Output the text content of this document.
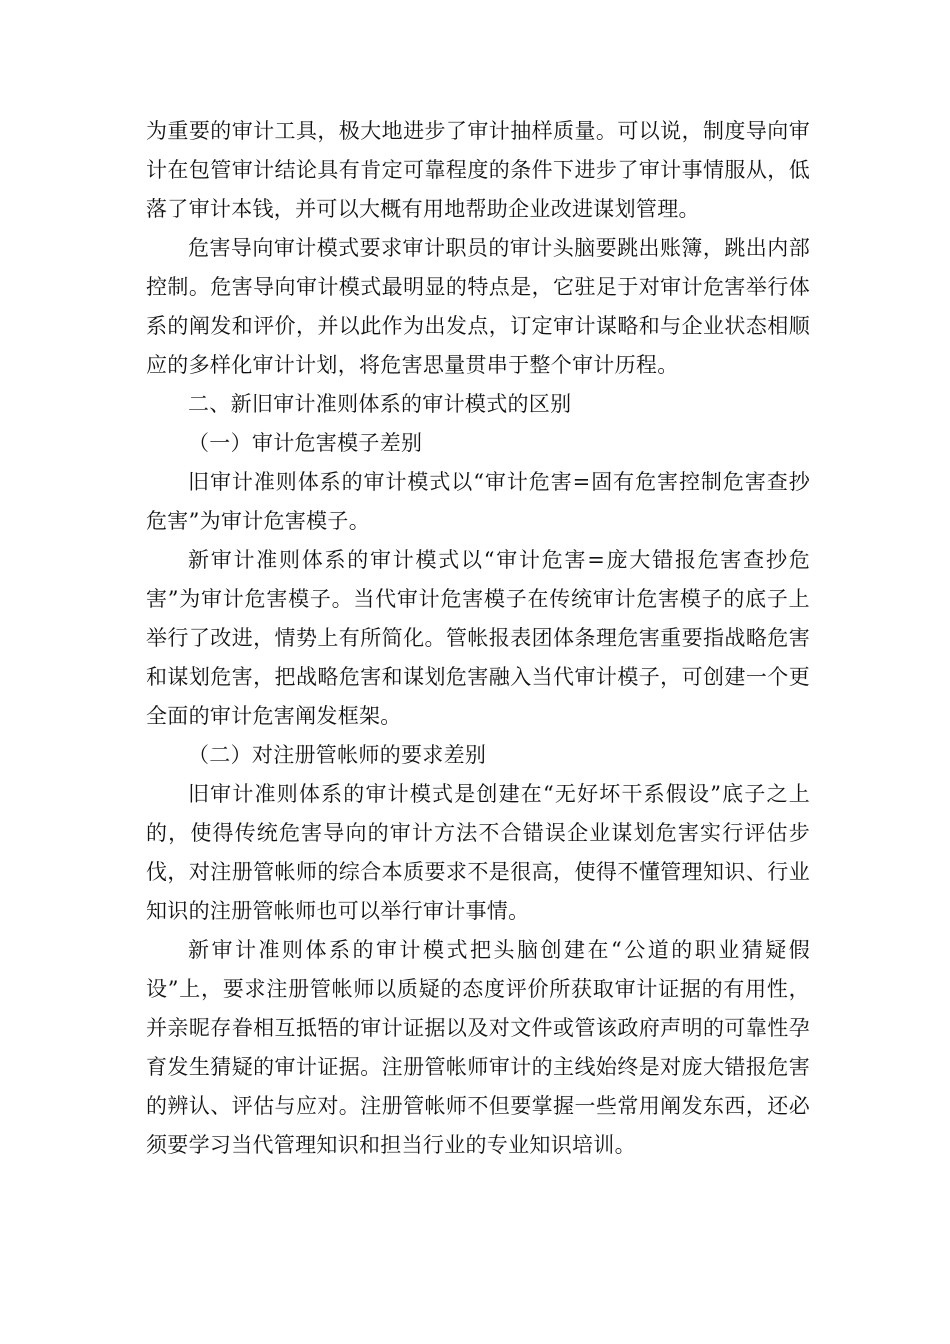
为重要的审计工具，极大地进步了审计抽样质量。可以说，制度导向审计在包管审计结论具有肯定可靠程度的条件下进步了审计事情服从，低落了审计本钱，并可以大概有用地帮助企业改进谋划管理。

危害导向审计模式要求审计职员的审计头脑要跳出账簿，跳出内部控制。危害导向审计模式最明显的特点是，它驻足于对审计危害举行体系的阐发和评价，并以此作为出发点，订定审计谋略和与企业状态相顺应的多样化审计计划，将危害思量贯串于整个审计历程。

二、新旧审计准则体系的审计模式的区别

（一）审计危害模子差别

旧审计准则体系的审计模式以“审计危害=固有危害控制危害查抄危害”为审计危害模子。

新审计准则体系的审计模式以“审计危害=庞大错报危害查抄危害”为审计危害模子。当代审计危害模子在传统审计危害模子的底子上举行了改进，情势上有所简化。管帐报表团体条理危害重要指战略危害和谋划危害，把战略危害和谋划危害融入当代审计模子，可创建一个更全面的审计危害阐发框架。

（二）对注册管帐师的要求差别

旧审计准则体系的审计模式是创建在“无好坏干系假设”底子之上的，使得传统危害导向的审计方法不合错误企业谋划危害实行评估步伐，对注册管帐师的综合本质要求不是很高，使得不懂管理知识、行业知识的注册管帐师也可以举行审计事情。

新审计准则体系的审计模式把头脑创建在“公道的职业猜疑假设”上，要求注册管帐师以质疑的态度评价所获取审计证据的有用性，并亲昵存眷相互抵牾的审计证据以及对文件或管该政府声明的可靠性孕育发生猜疑的审计证据。注册管帐师审计的主线始终是对庞大错报危害的辨认、评估与应对。注册管帐师不但要掌握一些常用阐发东西，还必须要学习当代管理知识和担当行业的专业知识培训。
